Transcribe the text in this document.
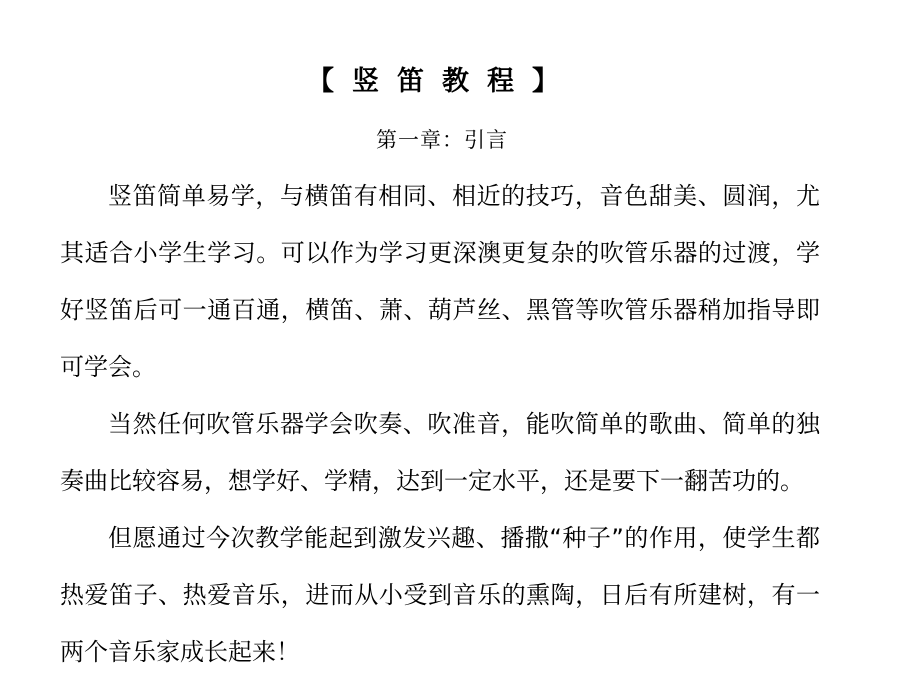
【竖笛教程】
第一章：引言

竖笛简单易学，与横笛有相同、相近的技巧，音色甜美、圆润，尤其适合小学生学习。可以作为学习更深澳更复杂的吹管乐器的过渡，学好竖笛后可一通百通，横笛、萧、葫芦丝、黑管等吹管乐器稍加指导即可学会。

当然任何吹管乐器学会吹奏、吹准音，能吹简单的歌曲、简单的独奏曲比较容易，想学好、学精，达到一定水平，还是要下一翻苦功的。

但愿通过今次教学能起到激发兴趣、播撒“种子”的作用，使学生都热爱笛子、热爱音乐，进而从小受到音乐的熏陶，日后有所建树，有一两个音乐家成长起来！
